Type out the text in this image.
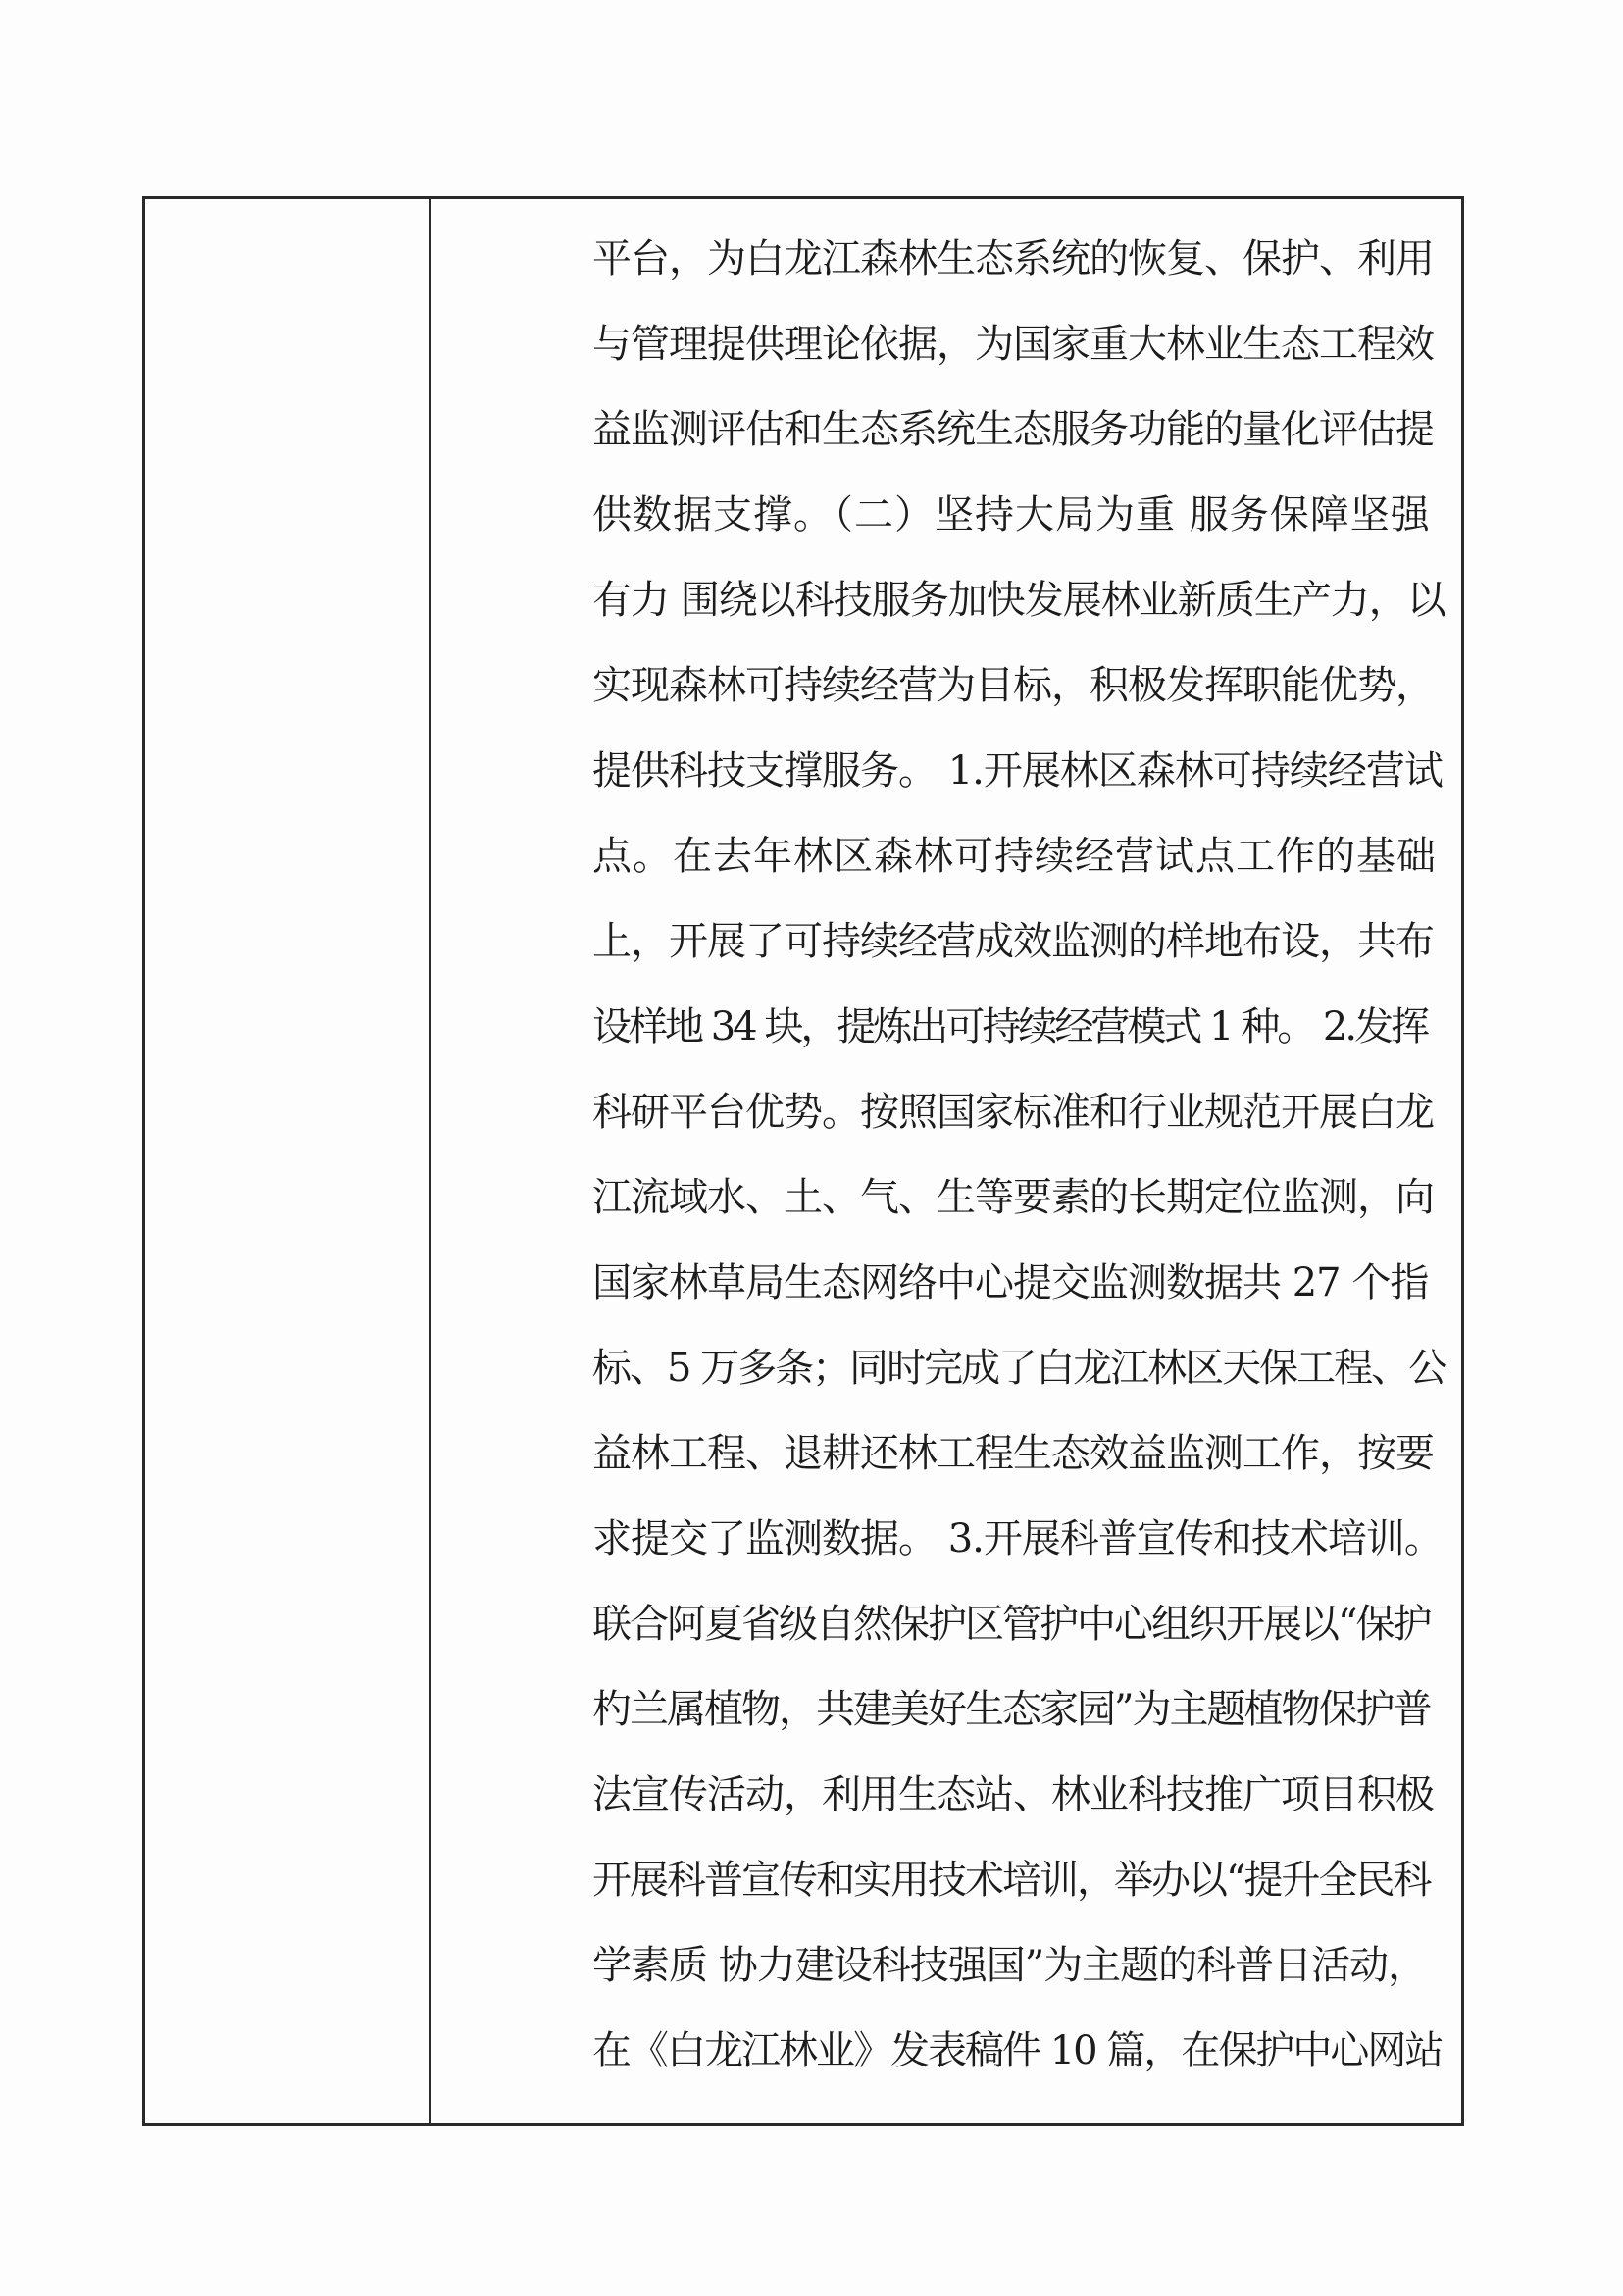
平台，为白龙江森林生态系统的恢复、保护、利用
与管理提供理论依据，为国家重大林业生态工程效
益监测评估和生态系统生态服务功能的量化评估提
供数据支撑。（二）坚持大局为重 服务保障坚强
有力 围绕以科技服务加快发展林业新质生产力，以
实现森林可持续经营为目标，积极发挥职能优势，
提供科技支撑服务。 1.开展林区森林可持续经营试
点。在去年林区森林可持续经营试点工作的基础
上，开展了可持续经营成效监测的样地布设，共布
设样地 34 块，提炼出可持续经营模式 1 种。 2.发挥
科研平台优势。按照国家标准和行业规范开展白龙
江流域水、土、气、生等要素的长期定位监测，向
国家林草局生态网络中心提交监测数据共 27 个指
标、5 万多条；同时完成了白龙江林区天保工程、公
益林工程、退耕还林工程生态效益监测工作，按要
求提交了监测数据。 3.开展科普宣传和技术培训。
联合阿夏省级自然保护区管护中心组织开展以“保护
杓兰属植物，共建美好生态家园”为主题植物保护普
法宣传活动，利用生态站、林业科技推广项目积极
开展科普宣传和实用技术培训，举办以“提升全民科
学素质 协力建设科技强国”为主题的科普日活动，
在《白龙江林业》发表稿件 10 篇，在保护中心网站
